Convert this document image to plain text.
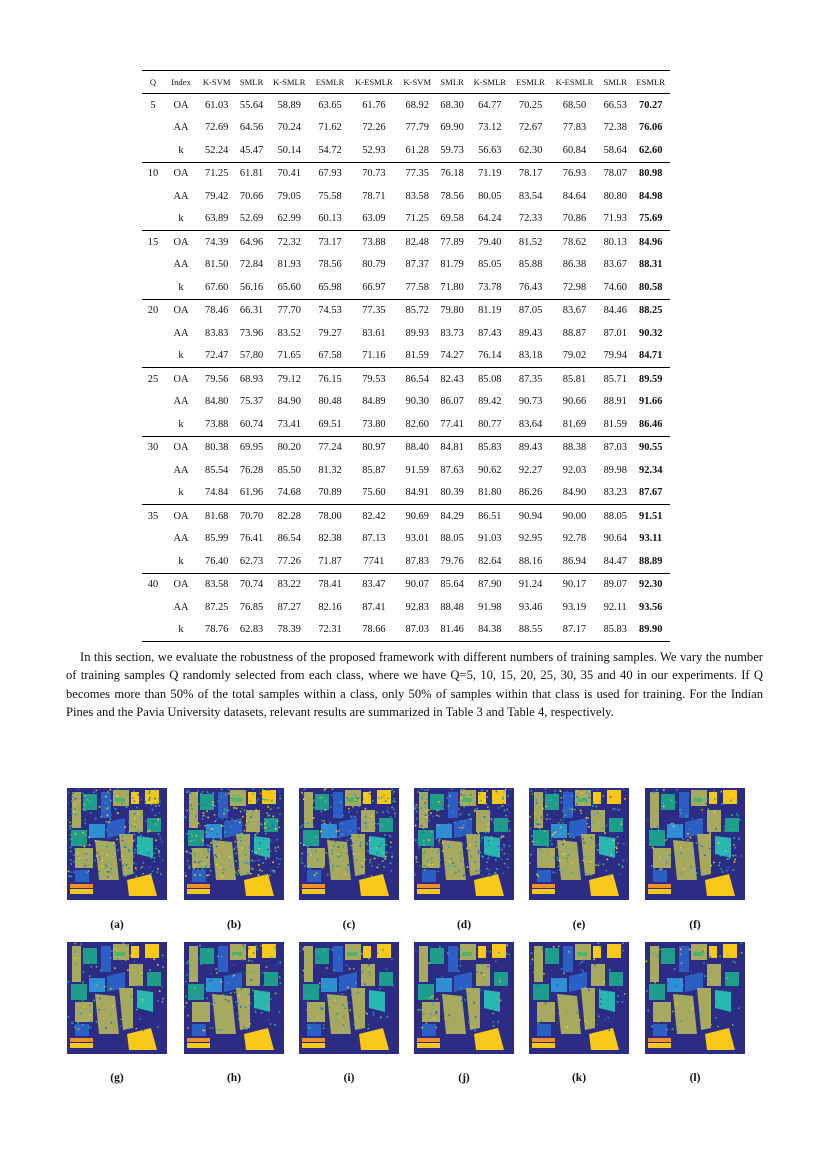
Q	Index	K-SVM	SMLR	K-SMLR	ESMLR	K-ESMLR	K-SVM	SMLR	K-SMLR	ESMLR	K-ESMLR	SMLR	ESMLR
5	OA	61.03	55.64	58.89	63.65	61.76	68.92	68.30	64.77	70.25	68.50	66.53	70.27
	AA	72.69	64.56	70.24	71.62	72.26	77.79	69.90	73.12	72.67	77.83	72.38	76.06
	k	52.24	45.47	50.14	54.72	52.93	61.28	59.73	56.63	62.30	60.84	58.64	62.60
10	OA	71.25	61.81	70.41	67.93	70.73	77.35	76.18	71.19	78.17	76.93	78.07	80.98
	AA	79.42	70.66	79.05	75.58	78.71	83.58	78.56	80.05	83.54	84.64	80.80	84.98
	k	63.89	52.69	62.99	60.13	63.09	71.25	69.58	64.24	72.33	70.86	71.93	75.69
15	OA	74.39	64.96	72.32	73.17	73.88	82.48	77.89	79.40	81.52	78.62	80.13	84.96
	AA	81.50	72.84	81.93	78.56	80.79	87.37	81.79	85.05	85.88	86.38	83.67	88.31
	k	67.60	56.16	65.60	65.98	66.97	77.58	71.80	73.78	76.43	72.98	74.60	80.58
20	OA	78.46	66.31	77.70	74.53	77.35	85.72	79.80	81.19	87.05	83.67	84.46	88.25
	AA	83.83	73.96	83.52	79.27	83.61	89.93	83.73	87.43	89.43	88.87	87.01	90.32
	k	72.47	57.80	71.65	67.58	71.16	81.59	74.27	76.14	83.18	79.02	79.94	84.71
25	OA	79.56	68.93	79.12	76.15	79.53	86.54	82.43	85.08	87.35	85.81	85.71	89.59
	AA	84.80	75.37	84.90	80.48	84.89	90.30	86.07	89.42	90.73	90.66	88.91	91.66
	k	73.88	60.74	73.41	69.51	73.80	82.60	77.41	80.77	83.64	81.69	81.59	86.46
30	OA	80.38	69.95	80.20	77.24	80.97	88.40	84.81	85.83	89.43	88.38	87.03	90.55
	AA	85.54	76.28	85.50	81.32	85.87	91.59	87.63	90.62	92.27	92.03	89.98	92.34
	k	74.84	61.96	74.68	70.89	75.60	84.91	80.39	81.80	86.26	84.90	83.23	87.67
35	OA	81.68	70.70	82.28	78.00	82.42	90.69	84.29	86.51	90.94	90.00	88.05	91.51
	AA	85.99	76.41	86.54	82.38	87.13	93.01	88.05	91.03	92.95	92.78	90.64	93.11
	k	76.40	62.73	77.26	71.87	7741	87.83	79.76	82.64	88.16	86.94	84.47	88.89
40	OA	83.58	70.74	83.22	78.41	83.47	90.07	85.64	87.90	91.24	90.17	89.07	92.30
	AA	87.25	76.85	87.27	82.16	87.41	92.83	88.48	91.98	93.46	93.19	92.11	93.56
	k	78.76	62.83	78.39	72.31	78.66	87.03	81.46	84.38	88.55	87.17	85.83	89.90

In this section, we evaluate the robustness of the proposed framework with different numbers of training samples. We vary the number of training samples Q randomly selected from each class, where we have Q=5, 10, 15, 20, 25, 30, 35 and 40 in our experiments. If Q becomes more than 50% of the total samples within a class, only 50% of samples within that class is used for training. For the Indian Pines and the Pavia University datasets, relevant results are summarized in Table 3 and Table 4, respectively.

(a)	(b)	(c)	(d)	(e)	(f)
(g)	(h)	(i)	(j)	(k)	(l)
